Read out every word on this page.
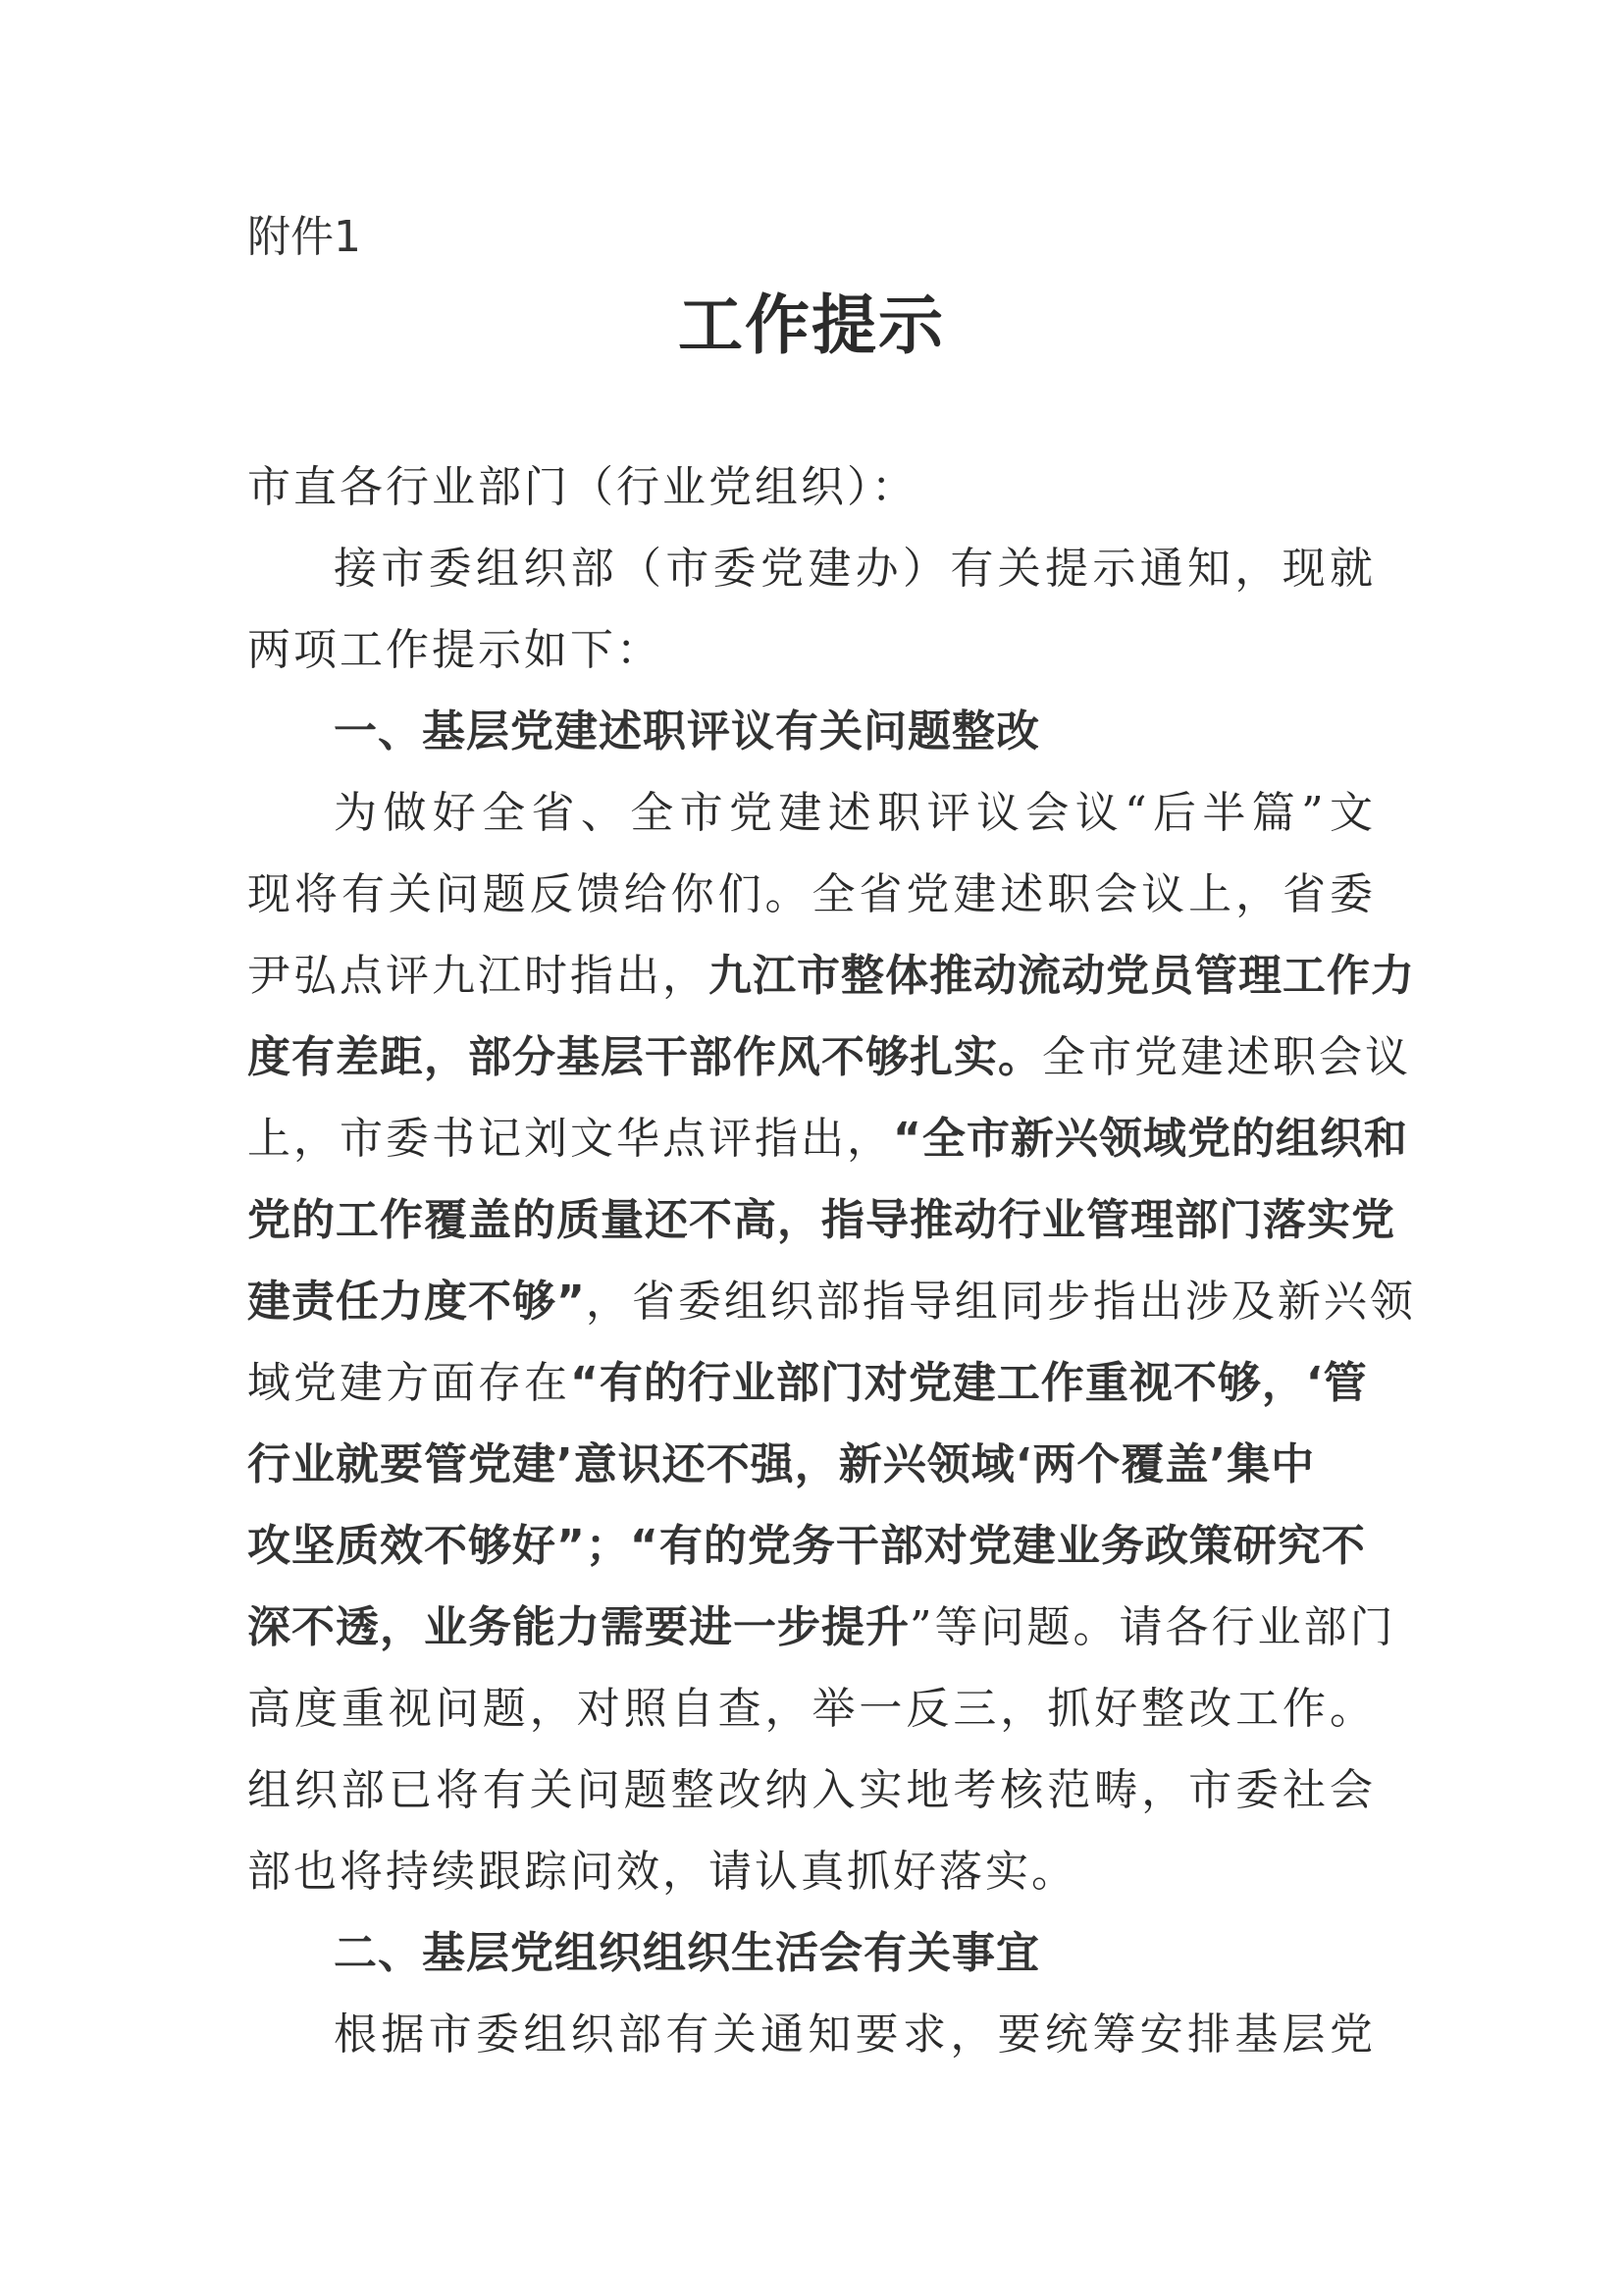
附件1
工作提示
市直各行业部门（行业党组织）：
接市委组织部（市委党建办）有关提示通知，现就
两项工作提示如下：
一、基层党建述职评议有关问题整改
为做好全省、全市党建述职评议会议“后半篇”文
现将有关问题反馈给你们。全省党建述职会议上，省委
尹弘点评九江时指出，九江市整体推动流动党员管理工作力
度有差距，部分基层干部作风不够扎实。全市党建述职会议
上，市委书记刘文华点评指出，“全市新兴领域党的组织和
党的工作覆盖的质量还不高，指导推动行业管理部门落实党
建责任力度不够”，省委组织部指导组同步指出涉及新兴领
域党建方面存在“有的行业部门对党建工作重视不够，‘管
行业就要管党建’意识还不强，新兴领域‘两个覆盖’集中
攻坚质效不够好”；“有的党务干部对党建业务政策研究不
深不透，业务能力需要进一步提升”等问题。请各行业部门
高度重视问题，对照自查，举一反三，抓好整改工作。
组织部已将有关问题整改纳入实地考核范畴，市委社会
部也将持续跟踪问效，请认真抓好落实。
二、基层党组织组织生活会有关事宜
根据市委组织部有关通知要求，要统筹安排基层党
